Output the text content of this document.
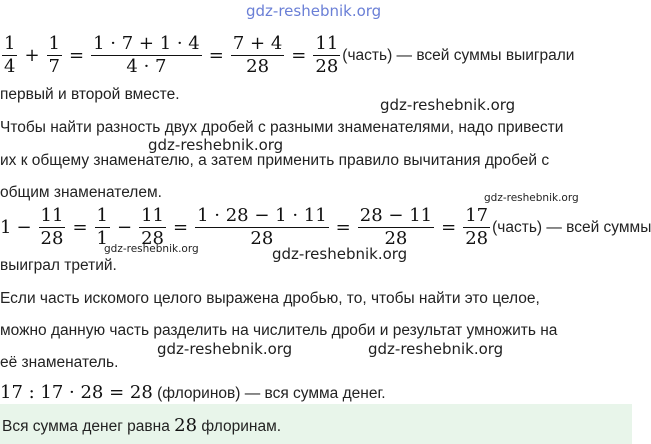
gdz-reshebnik.org
gdz-reshebnik.org
gdz-reshebnik.org
gdz-reshebnik.org
gdz-reshebnik.org	gdz-reshebnik.org
gdz-reshebnik.org	gdz-reshebnik.org
$\frac{1}{4} + \frac{1}{7} = \frac{1 \cdot 7 + 1 \cdot 4}{4 \cdot 7} = \frac{7 + 4}{28} = \frac{11}{28}$ (часть) — всей суммы выиграли
первый и второй вместе.
Чтобы найти разность двух дробей с разными знаменателями, надо привести
их к общему знаменателю, а затем применить правило вычитания дробей с
общим знаменателем.
$1 - \frac{11}{28} = \frac{1}{1} - \frac{11}{28} = \frac{1 \cdot 28 - 1 \cdot 11}{28} = \frac{28 - 11}{28} = \frac{17}{28}$ (часть) — всей суммы
выиграл третий.
Если часть искомого целого выражена дробью, то, чтобы найти это целое,
можно данную часть разделить на числитель дроби и результат умножить на
её знаменатель.
17 : 17 · 28 = 28 (флоринов) — вся сумма денег.
Вся сумма денег равна 28 флоринам.
